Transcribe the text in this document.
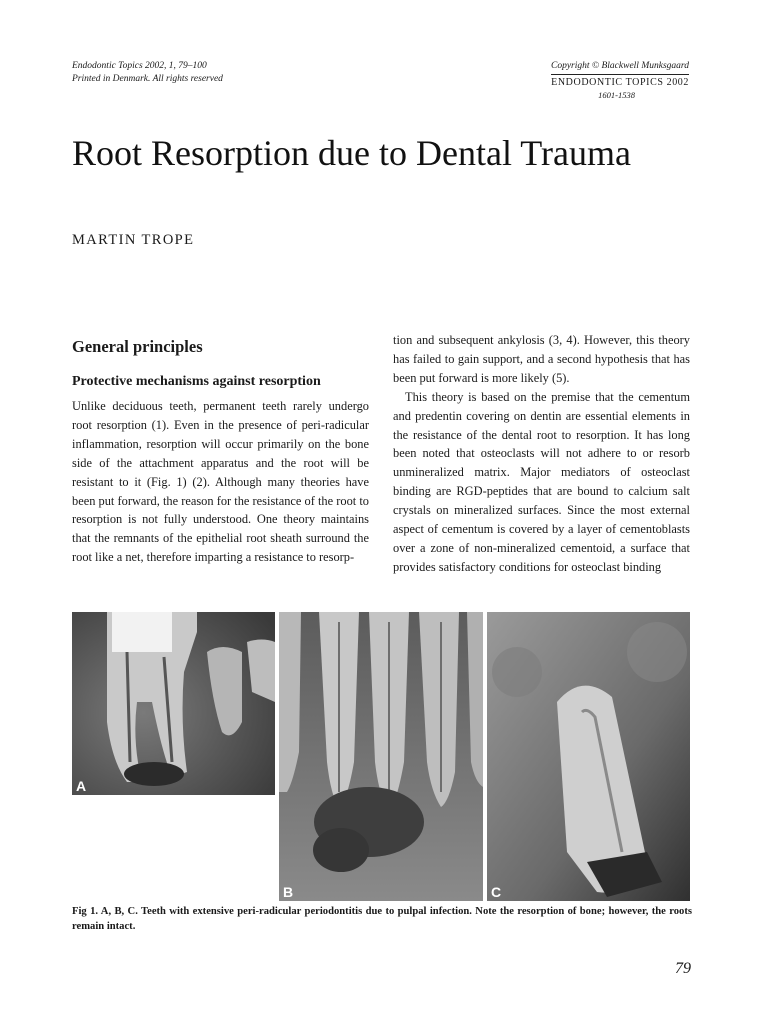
Endodontic Topics 2002, 1, 79–100
Printed in Denmark. All rights reserved
Copyright © Blackwell Munksgaard
ENDODONTIC TOPICS 2002
1601-1538
Root Resorption due to Dental Trauma
MARTIN TROPE
General principles
Protective mechanisms against resorption

Unlike deciduous teeth, permanent teeth rarely undergo root resorption (1). Even in the presence of peri-radicular inflammation, resorption will occur primarily on the bone side of the attachment apparatus and the root will be resistant to it (Fig. 1) (2). Although many theories have been put forward, the reason for the resistance of the root to resorption is not fully understood. One theory maintains that the remnants of the epithelial root sheath surround the root like a net, therefore imparting a resistance to resorp-

tion and subsequent ankylosis (3, 4). However, this theory has failed to gain support, and a second hypothesis that has been put forward is more likely (5).

This theory is based on the premise that the cementum and predentin covering on dentin are essential elements in the resistance of the dental root to resorption. It has long been noted that osteoclasts will not adhere to or resorb unmineralized matrix. Major mediators of osteoclast binding are RGD-peptides that are bound to calcium salt crystals on mineralized surfaces. Since the most external aspect of cementum is covered by a layer of cementoblasts over a zone of non-mineralized cementoid, a surface that provides satisfactory conditions for osteoclast binding

A
B	C
Fig 1. A, B, C. Teeth with extensive peri-radicular periodontitis due to pulpal infection. Note the resorption of bone; however, the roots remain intact.
79
